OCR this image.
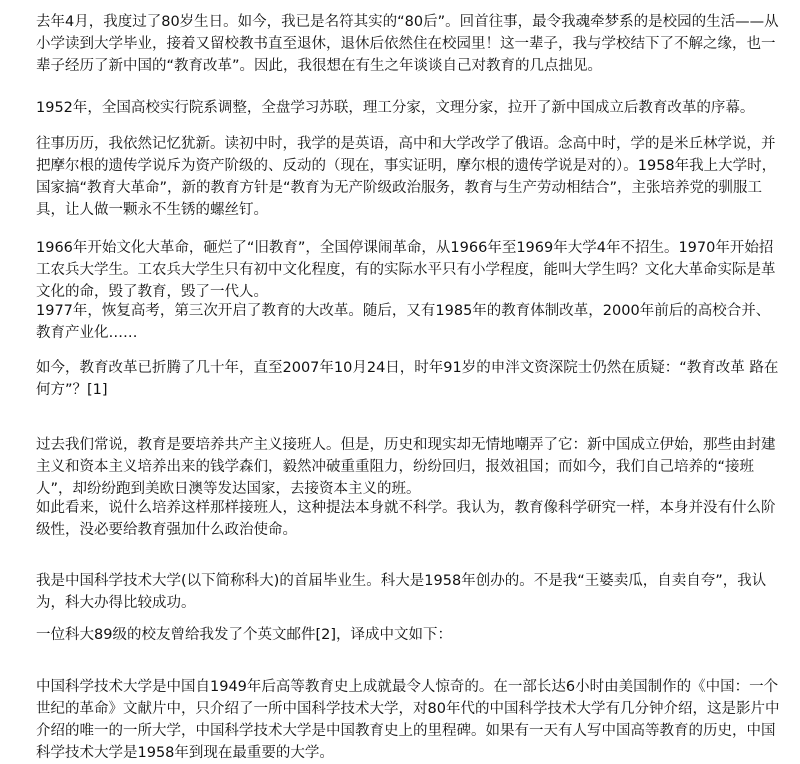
去年4月，我度过了80岁生日。如今，我已是名符其实的“80后”。回首往事，最令我魂牵梦系的是校园的生活——从小学读到大学毕业，接着又留校教书直至退休，退休后依然住在校园里！这一辈子，我与学校结下了不解之缘，也一辈子经历了新中国的“教育改革”。因此，我很想在有生之年谈谈自己对教育的几点拙见。

1952年，全国高校实行院系调整，全盘学习苏联，理工分家，文理分家，拉开了新中国成立后教育改革的序幕。

往事历历，我依然记忆犹新。读初中时，我学的是英语，高中和大学改学了俄语。念高中时，学的是米丘林学说，并把摩尔根的遗传学说斥为资产阶级的、反动的（现在，事实证明，摩尔根的遗传学说是对的）。1958年我上大学时，国家搞“教育大革命”，新的教育方针是“教育为无产阶级政治服务，教育与生产劳动相结合”，主张培养党的驯服工具，让人做一颗永不生锈的螺丝钉。

1966年开始文化大革命，砸烂了“旧教育”，全国停课闹革命，从1966年至1969年大学4年不招生。1970年开始招工农兵大学生。工农兵大学生只有初中文化程度，有的实际水平只有小学程度，能叫大学生吗？文化大革命实际是革文化的命，毁了教育，毁了一代人。

1977年，恢复高考，第三次开启了教育的大改革。随后，又有1985年的教育体制改革，2000年前后的高校合并、教育产业化……

如今，教育改革已折腾了几十年，直至2007年10月24日，时年91岁的申泮文资深院士仍然在质疑：“教育改革 路在何方”？[1]

过去我们常说，教育是要培养共产主义接班人。但是，历史和现实却无情地嘲弄了它：新中国成立伊始，那些由封建主义和资本主义培养出来的钱学森们，毅然冲破重重阻力，纷纷回归，报效祖国；而如今，我们自己培养的“接班人”，却纷纷跑到美欧日澳等发达国家，去接资本主义的班。

如此看来，说什么培养这样那样接班人，这种提法本身就不科学。我认为，教育像科学研究一样，本身并没有什么阶级性，没必要给教育强加什么政治使命。

我是中国科学技术大学(以下简称科大)的首届毕业生。科大是1958年创办的。不是我“王婆卖瓜，自卖自夸”，我认为，科大办得比较成功。

一位科大89级的校友曾给我发了个英文邮件[2]，译成中文如下：

中国科学技术大学是中国自1949年后高等教育史上成就最令人惊奇的。在一部长达6小时由美国制作的《中国：一个世纪的革命》文献片中，只介绍了一所中国科学技术大学，对80年代的中国科学技术大学有几分钟介绍，这是影片中介绍的唯一的一所大学，中国科学技术大学是中国教育史上的里程碑。如果有一天有人写中国高等教育的历史，中国科学技术大学是1958年到现在最重要的大学。
